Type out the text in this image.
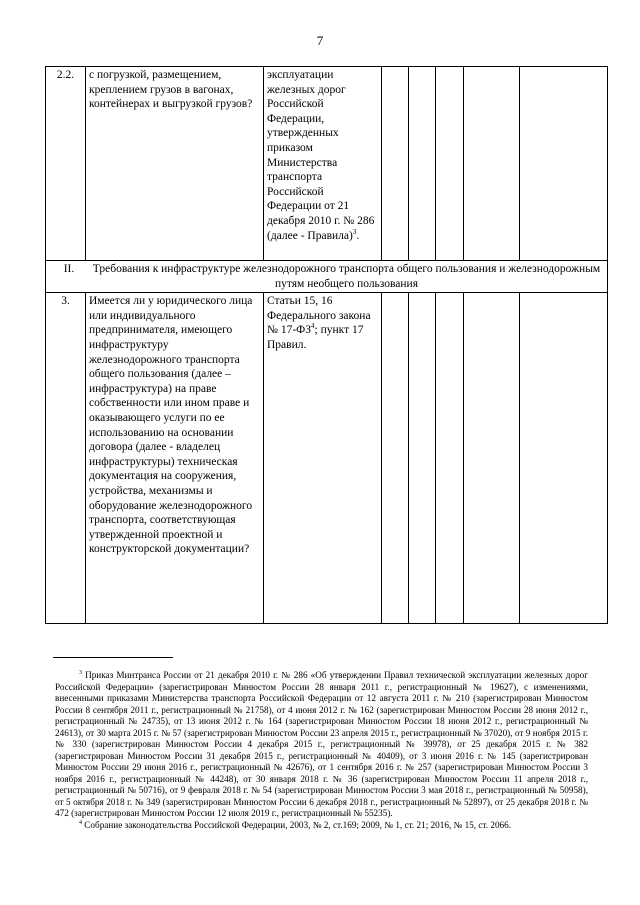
7
2.2.	с погрузкой, размещением, креплением грузов в вагонах, контейнерах и выгрузкой грузов?	эксплуатации железных дорог Российской Федерации, утвержденных приказом Министерства транспорта Российской Федерации от 21 декабря 2010 г. № 286 (далее - Правила)$^3$.					

II. Требования к инфраструктуре железнодорожного транспорта общего пользования и железнодорожным путям необщего пользования							

3.	Имеется ли у юридического лица или индивидуального предпринимателя, имеющего инфраструктуру железнодорожного транспорта общего пользования (далее – инфраструктура) на праве собственности или ином праве и оказывающего услуги по ее использованию на основании договора (далее - владелец инфраструктуры) техническая документация на сооружения, устройства, механизмы и оборудование железнодорожного транспорта, соответствующая утвержденной проектной и конструкторской документации?	Статьи 15, 16 Федерального закона № $17-ФЗ^4$; пункт 17 Правил.					

$^3$ Приказ Минтранса России от 21 декабря 2010 г. № 286 «Об утверждении Правил технической эксплуатации железных дорог Российской Федерации» (зарегистрирован Минюстом России 28 января 2011 г., регистрационный № 19627), с изменениями, внесенными приказами Министерства транспорта Российской Федерации от 12 августа 2011 г. № 210 (зарегистрирован Минюстом России 8 сентября 2011 г., регистрационный № 21758), от 4 июня 2012 г. № 162 (зарегистрирован Минюстом России 28 июня 2012 г., регистрационный № 24735), от 13 июня 2012 г. № 164 (зарегистрирован Минюстом России 18 июня 2012 г., регистрационный № 24613), от 30 марта 2015 г. № 57 (зарегистрирован Минюстом России 23 апреля 2015 г., регистрационный № 37020), от 9 ноября 2015 г. № 330 (зарегистрирован Минюстом России 4 декабря 2015 г., регистрационный № 39978), от 25 декабря 2015 г. № 382 (зарегистрирован Минюстом России 31 декабря 2015 г., регистрационный № 40409), от 3 июня 2016 г. № 145 (зарегистрирован Минюстом России 29 июня 2016 г., регистрационный № 42676), от 1 сентября 2016 г. № 257 (зарегистрирован Минюстом России 3 ноября 2016 г., регистрационный № 44248), от 30 января 2018 г. № 36 (зарегистрирован Минюстом России 11 апреля 2018 г., регистрационный № 50716), от 9 февраля 2018 г. № 54 (зарегистрирован Минюстом России 3 мая 2018 г., регистрационный № 50958), от 5 октября 2018 г. № 349 (зарегистрирован Минюстом России 6 декабря 2018 г., регистрационный № 52897), от 25 декабря 2018 г. № 472 (зарегистрирован Минюстом России 12 июля 2019 г., регистрационный № 55235).

$^4$ Собрание законодательства Российской Федерации, 2003, № 2, ст.169; 2009, № 1, ст. 21; 2016, № 15, ст. 2066.
